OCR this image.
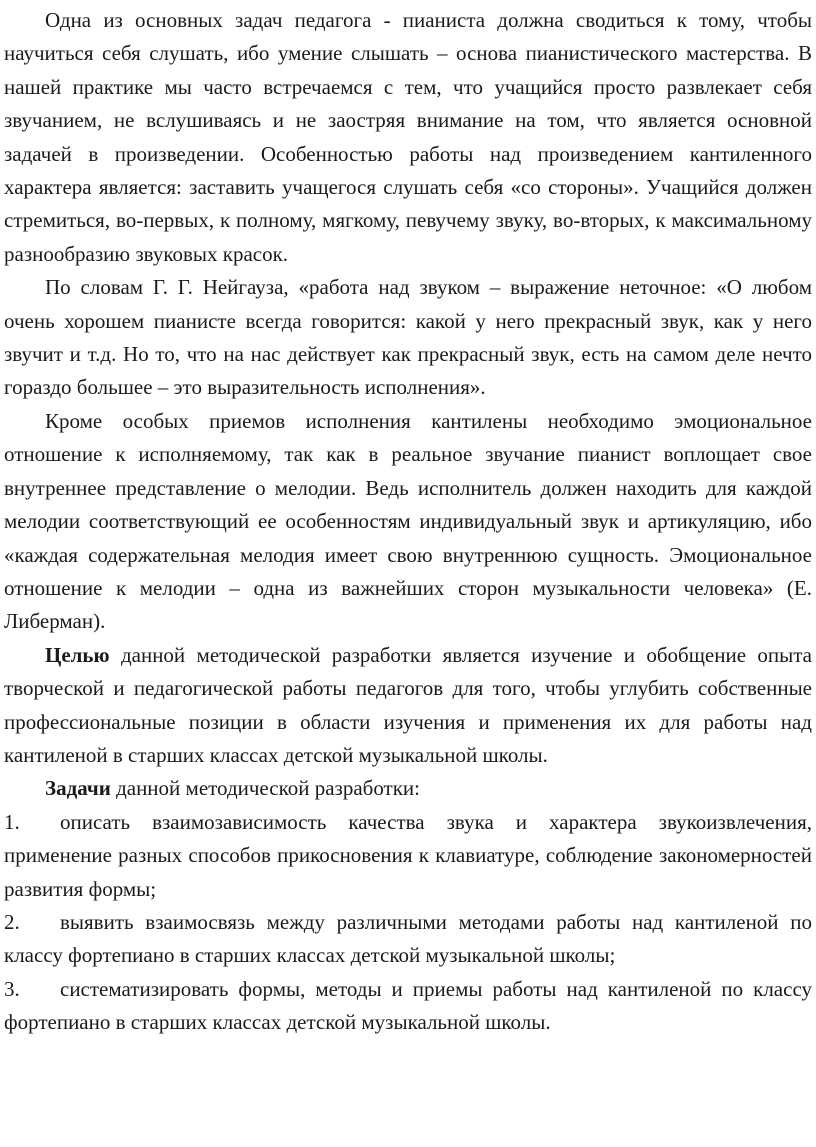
Одна из основных задач педагога - пианиста должна сводиться к тому, чтобы научиться себя слушать, ибо умение слышать – основа пианистического мастерства. В нашей практике мы часто встречаемся с тем, что учащийся просто развлекает себя звучанием, не вслушиваясь и не заостряя внимание на том, что является основной задачей в произведении. Особенностью работы над произведением кантиленного характера является: заставить учащегося слушать себя «со стороны». Учащийся должен стремиться, во-первых, к полному, мягкому, певучему звуку, во-вторых, к максимальному разнообразию звуковых красок.

По словам Г. Г. Нейгауза, «работа над звуком – выражение неточное: «О любом очень хорошем пианисте всегда говорится: какой у него прекрасный звук, как у него звучит и т.д. Но то, что на нас действует как прекрасный звук, есть на самом деле нечто гораздо большее – это выразительность исполнения».

Кроме особых приемов исполнения кантилены необходимо эмоциональное отношение к исполняемому, так как в реальное звучание пианист воплощает свое внутреннее представление о мелодии. Ведь исполнитель должен находить для каждой мелодии соответствующий ее особенностям индивидуальный звук и артикуляцию, ибо «каждая содержательная мелодия имеет свою внутреннюю сущность. Эмоциональное отношение к мелодии – одна из важнейших сторон музыкальности человека» (Е. Либерман).

Целью данной методической разработки является изучение и обобщение опыта творческой и педагогической работы педагогов для того, чтобы углубить собственные профессиональные позиции в области изучения и применения их для работы над кантиленой в старших классах детской музыкальной школы.

Задачи данной методической разработки:

1. описать взаимозависимость качества звука и характера звукоизвлечения, применение разных способов прикосновения к клавиатуре, соблюдение закономерностей развития формы;

2. выявить взаимосвязь между различными методами работы над кантиленой по классу фортепиано в старших классах детской музыкальной школы;

3. систематизировать формы, методы и приемы работы над кантиленой по классу фортепиано в старших классах детской музыкальной школы.
